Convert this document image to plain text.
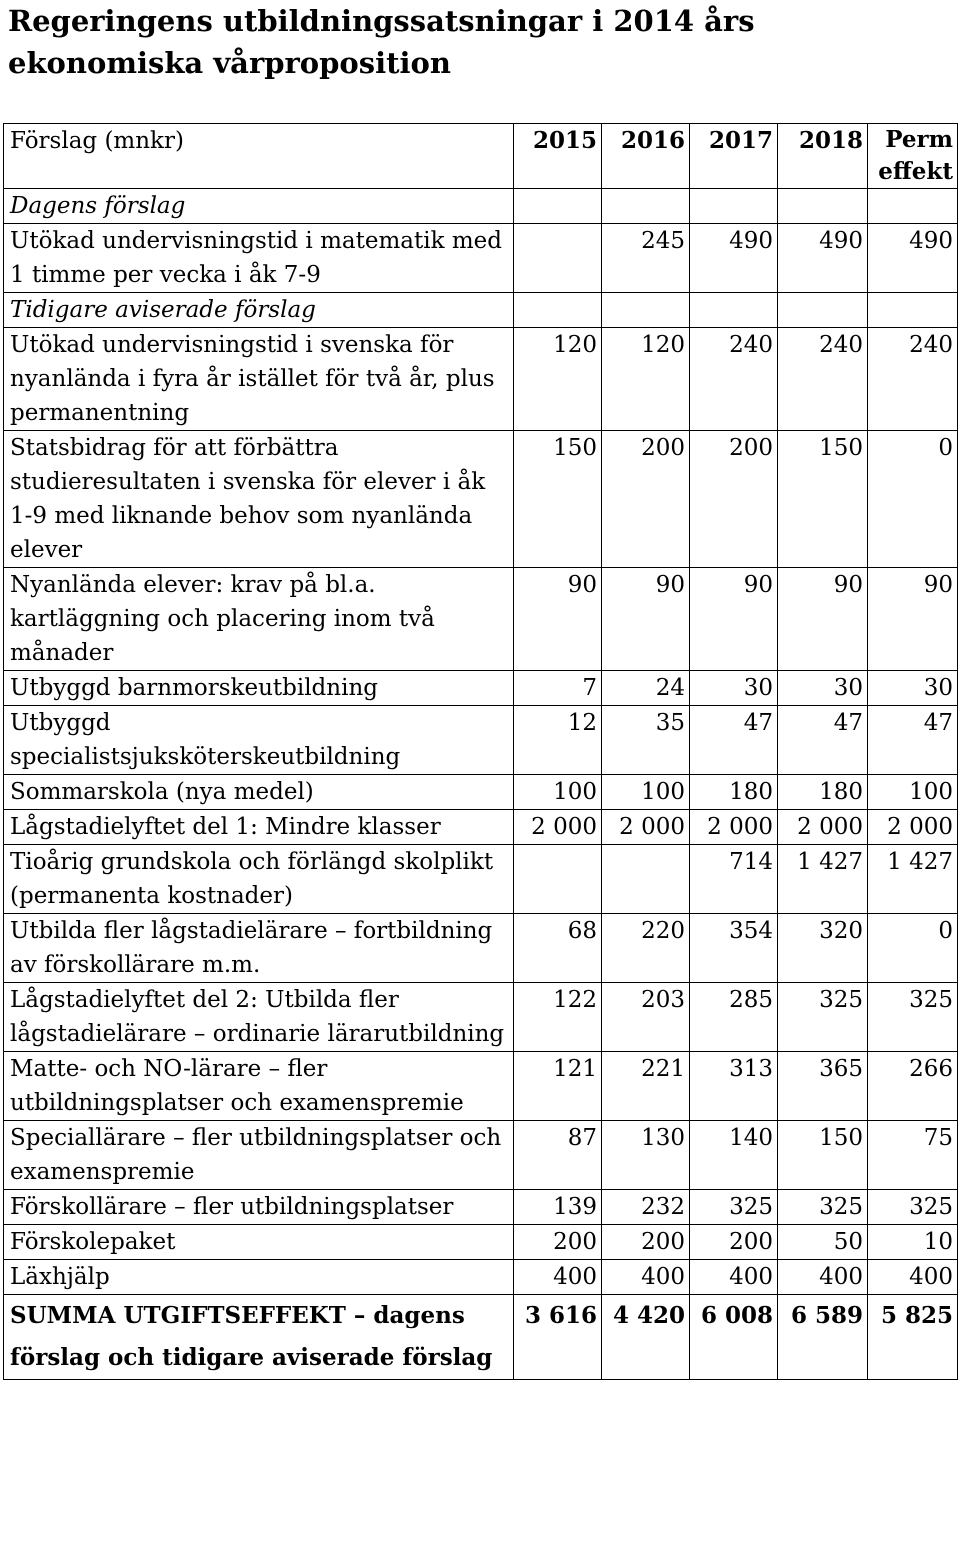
Regeringens utbildningssatsningar i 2014 års ekonomiska vårproposition
Förslag (mnkr)	2015	2016	2017	2018	Perm effekt
Dagens förslag					
Utökad undervisningstid i matematik med 1 timme per vecka i åk 7-9		245	490	490	490
Tidigare aviserade förslag					
Utökad undervisningstid i svenska för nyanlända i fyra år istället för två år, plus permanentning	120	120	240	240	240
Statsbidrag för att förbättra studieresultaten i svenska för elever i åk 1-9 med liknande behov som nyanlända elever	150	200	200	150	0
Nyanlända elever: krav på bl.a. kartläggning och placering inom två månader	90	90	90	90	90
Utbyggd barnmorskeutbildning	7	24	30	30	30
Utbyggd specialistsjuksköterskeutbildning	12	35	47	47	47
Sommarskola (nya medel)	100	100	180	180	100
Lågstadielyftet del 1: Mindre klasser	2 000	2 000	2 000	2 000	2 000
Tioårig grundskola och förlängd skolplikt (permanenta kostnader)			714	1 427	1 427
Utbilda fler lågstadielärare – fortbildning av förskollärare m.m.	68	220	354	320	0
Lågstadielyftet del 2: Utbilda fler lågstadielärare – ordinarie lärarutbildning	122	203	285	325	325
Matte- och NO-lärare – fler utbildningsplatser och examenspremie	121	221	313	365	266
Speciallärare – fler utbildningsplatser och examenspremie	87	130	140	150	75
Förskollärare – fler utbildningsplatser	139	232	325	325	325
Förskolepaket	200	200	200	50	10
Läxhjälp	400	400	400	400	400
SUMMA UTGIFTSEFFEKT – dagens förslag och tidigare aviserade förslag	3 616	4 420	6 008	6 589	5 825
